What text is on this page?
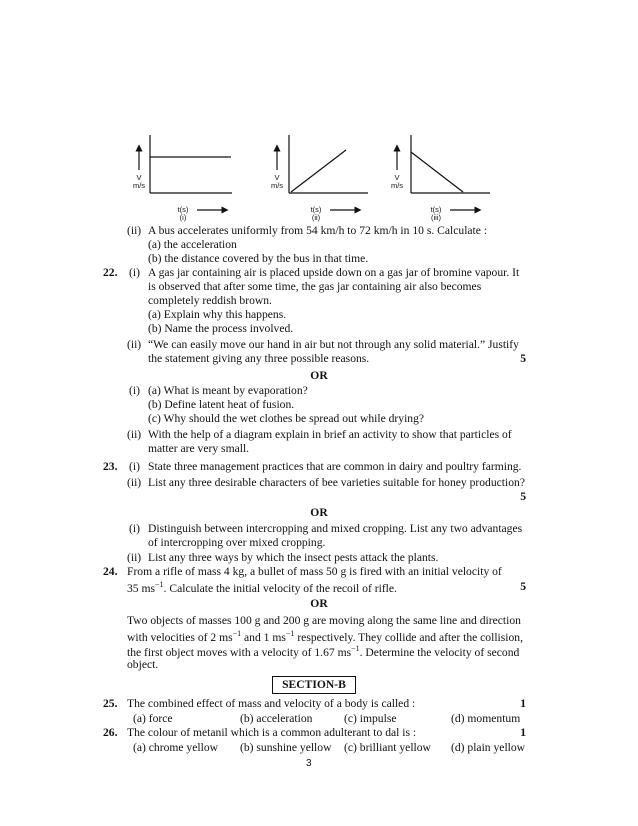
V
m/s
t(s)
(i)
V
m/s
t(s)
(ii)
V
m/s
t(s)
(iii)
(ii) A bus accelerates uniformly from 54 km/h to 72 km/h in 10 s. Calculate :
(a) the acceleration
(b) the distance covered by the bus in that time.
22. (i) A gas jar containing air is placed upside down on a gas jar of bromine vapour. It
is observed that after some time, the gas jar containing air also becomes
completely reddish brown.
(a) Explain why this happens.
(b) Name the process involved.
(ii) “We can easily move our hand in air but not through any solid material.” Justify
the statement giving any three possible reasons.	5
OR
(i) (a) What is meant by evaporation?
(b) Define latent heat of fusion.
(c) Why should the wet clothes be spread out while drying?
(ii) With the help of a diagram explain in brief an activity to show that particles of
matter are very small.
23. (i) State three management practices that are common in dairy and poultry farming.
(ii) List any three desirable characters of bee varieties suitable for honey production?
5
OR
(i) Distinguish between intercropping and mixed cropping. List any two advantages
of intercropping over mixed cropping.
(ii) List any three ways by which the insect pests attack the plants.
24. From a rifle of mass 4 kg, a bullet of mass 50 g is fired with an initial velocity of
35 $ms^{-1}$. Calculate the initial velocity of the recoil of rifle.	5
OR
Two objects of masses 100 g and 200 g are moving along the same line and direction
with velocities of 2 $ms^{-1}$ and 1 $ms^{-1}$ respectively. They collide and after the collision,
the first object moves with a velocity of 1.67 $ms^{-1}$. Determine the velocity of second
object.
SECTION-B
25. The combined effect of mass and velocity of a body is called :	1
(a) force	(b) acceleration	(c) impulse	(d) momentum
26. The colour of metanil which is a common adulterant to dal is :	1
(a) chrome yellow (b) sunshine yellow (c) brilliant yellow (d) plain yellow
3
